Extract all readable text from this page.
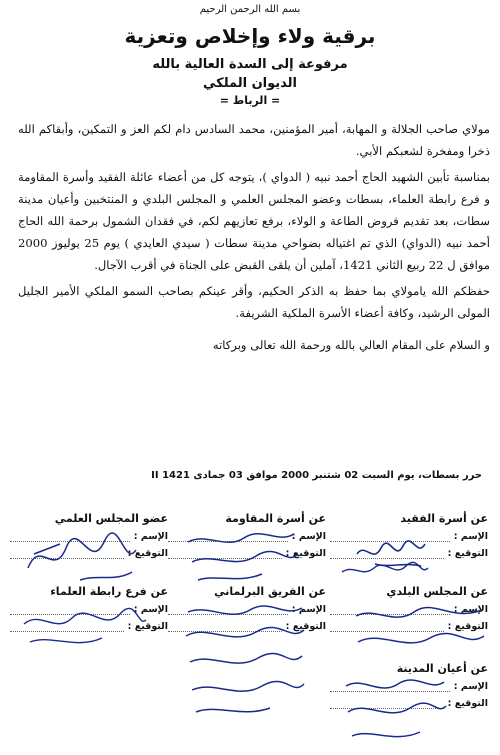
بسم الله الرحمن الرحيم
برقية ولاء وإخلاص وتعزية
مرفوعة إلى السدة العالية بالله
الديوان الملكي
= الرباط =

مولاي صاحب الجلالة و المهابة، أمير المؤمنين، محمد السادس دام لكم العز و التمكين، وأبقاكم الله ذخرا ومفخرة لشعبكم الأبي.

بمناسبة تأبين الشهيد الحاج أحمد نبيه ( الدواي )، يتوجه كل من أعضاء عائلة الفقيد وأسرة المقاومة و فرع رابطة العلماء، بسطات وعضو المجلس العلمي و المجلس البلدي و المنتخبين وأعيان مدينة سطات، بعد تقديم فروض الطاعة و الولاء، برفع تعازيهم لكم، في فقدان الشمول برحمة الله الحاج أحمد نبيه (الدواي) الذي تم اغتياله بضواحي مدينة سطات ( سيدي العايدي ) يوم 25 يوليوز 2000 موافق ل 22 ربيع الثاني 1421، آملين أن يلقى القبض على الجناة في أقرب الآجال.

حفظكم الله يامولاي بما حفظ به الذكر الحكيم، وأقر عينكم بصاحب السمو الملكي الأمير الجليل المولى الرشيد، وكافة أعضاء الأسرة الملكية الشريفة.

و السلام على المقام العالي بالله ورحمة الله تعالى وبركاته

حرر بسطات، يوم السبت 02 شتنبر 2000 موافق 03 جمادى II 1421
عن أسرة الفقيد
الإسم :
التوقيع :
عن أسرة المقاومة
الإسم :
التوقيع :
عضو المجلس العلمي
الإسم :
التوقيع :
عن المجلس البلدي
الإسم :
التوقيع :
عن الفريق البرلماني
الإسم :
التوقيع :
عن فرع رابطة العلماء
الإسم :
التوقيع :
عن أعيان المدينة
الإسم :
التوقيع :
